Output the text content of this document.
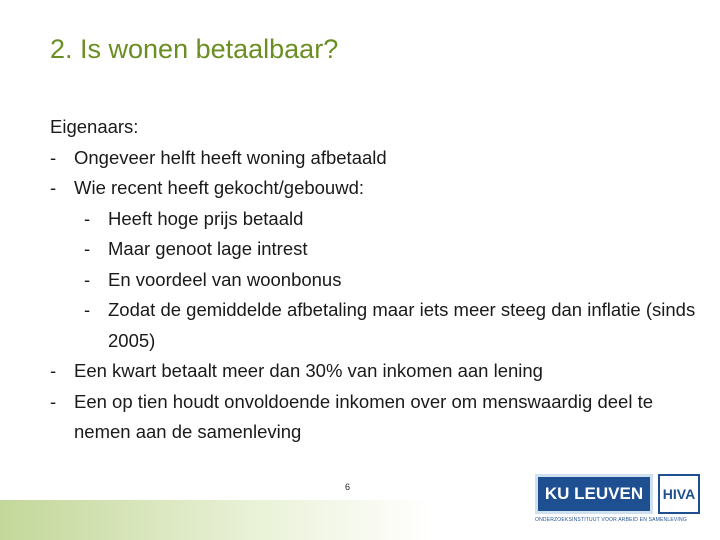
2. Is wonen betaalbaar?
Eigenaars:
- Ongeveer helft heeft woning afbetaald
- Wie recent heeft gekocht/gebouwd:
- Heeft hoge prijs betaald
- Maar genoot lage intrest
- En voordeel van woonbonus
- Zodat de gemiddelde afbetaling maar iets meer steeg dan inflatie (sinds 2005)
- Een kwart betaalt meer dan 30% van inkomen aan lening
- Een op tien houdt onvoldoende inkomen over om menswaardig deel te nemen aan de samenleving
6	KU LEUVEN	HIVA
ONDERZOEKSINSTITUUT VOOR ARBEID EN SAMENLEVING
